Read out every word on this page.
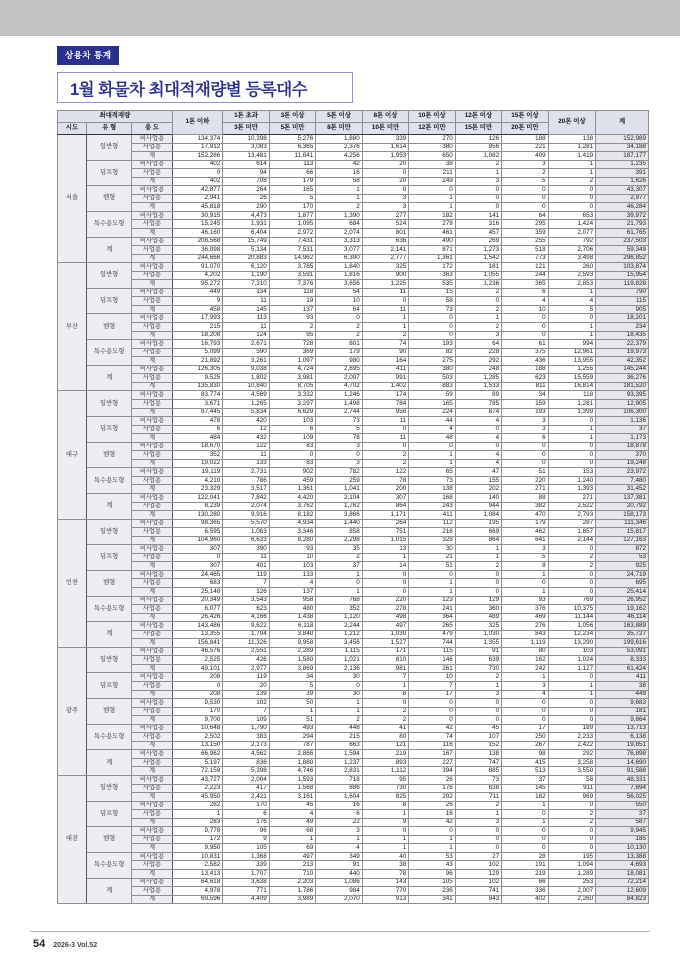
상용차 통계
1월 화물차 최대적재량별 등록대수
최대적재량			1톤 이하	1톤 초과	3톤 이상	5톤 이상	8톤 이상	10톤 이상	12톤 이상	15톤 이상	20톤 이상	계
시도	유 형	용 도		3톤 미만	5톤 미만	8톤 미만	10톤 미만	12톤 미만	15톤 미만	20톤 미만		
서울	일반형	비사업용	134,374	10,398	5,276	1,880	339	270	126	188	138	152,989
		사업용	17,912	3,083	6,365	2,376	1,614	380	956	221	1,281	34,188
		계	152,286	13,481	11,641	4,256	1,953	650	1,082	409	1,419	187,177
	덤프형	비사업용	402	614	113	42	20	38	2	3	1	1,235
		사업용	0	94	66	16	0	211	1	2	1	391
		계	402	708	179	58	20	249	3	5	2	1,626
	밴형	비사업용	42,877	264	165	1	0	0	0	0	0	43,307
		사업용	2,941	26	5	1	3	1	0	0	0	2,977
		계	45,818	290	170	2	3	1	0	0	0	46,284
	특수용도형	비사업용	30,915	4,473	1,877	1,390	277	182	141	64	653	39,972
		사업용	15,245	1,931	1,095	684	524	279	316	295	1,424	21,793
		계	46,160	6,404	2,972	2,074	801	461	457	359	2,077	61,765
	계	비사업용	208,568	15,749	7,431	3,313	636	490	269	255	792	237,503
		사업용	36,098	5,134	7,531	3,077	2,141	871	1,273	518	2,706	59,349
		계	244,666	20,883	14,962	6,390	2,777	1,361	1,542	773	3,498	296,852
부산	일반형	비사업용	91,070	6,120	3,785	1,840	325	172	181	121	260	103,874
		사업용	4,202	1,190	3,591	1,816	900	363	1,055	244	2,593	15,954
		계	95,272	7,310	7,376	3,656	1,225	535	1,236	365	2,853	119,828
	덤프형	비사업용	449	134	118	54	11	15	2	6	1	790
		사업용	9	11	19	10	0	58	0	4	4	115
		계	458	145	137	64	11	73	2	10	5	905
	밴형	비사업용	17,993	113	93	0	1	0	1	0	0	18,201
		사업용	215	11	2	2	1	0	2	0	1	234
		계	18,208	124	95	2	2	0	3	0	1	18,435
	특수용도형	비사업용	16,793	2,671	728	801	74	193	64	61	994	22,379
		사업용	5,099	590	369	179	90	82	228	375	12,961	19,973
		계	21,892	3,261	1,097	980	164	275	292	436	13,955	42,352
	계	비사업용	126,305	9,038	4,724	2,695	411	380	248	188	1,255	145,244
		사업용	9,525	1,802	3,981	2,007	991	503	1,285	623	15,559	36,276
		계	135,830	10,840	8,705	4,702	1,402	883	1,533	811	16,814	181,520
대구	일반형	비사업용	83,774	4,569	3,332	1,246	174	59	89	34	118	93,395
		사업용	3,671	1,265	3,297	1,498	784	165	785	159	1,281	12,905
		계	87,445	5,834	6,629	2,744	958	224	874	193	1,399	106,300
	덤프형	비사업용	478	420	103	73	11	44	4	3	0	1,136
		사업용	6	12	6	5	0	4	0	3	1	37
		계	484	432	109	78	11	48	4	6	1	1,173
	밴형	비사업용	18,670	122	83	3	0	0	0	0	0	18,878
		사업용	352	11	0	0	2	1	4	0	0	370
		계	19,022	133	83	3	2	1	4	0	0	19,248
	특수용도형	비사업용	19,119	2,731	902	782	122	65	47	51	153	23,972
		사업용	4,210	786	459	259	78	73	155	220	1,240	7,480
		계	23,329	3,517	1,361	1,041	200	138	202	271	1,393	31,452
	계	비사업용	122,041	7,842	4,420	2,104	307	168	140	88	271	137,381
		사업용	8,239	2,074	3,762	1,762	864	243	944	382	2,522	20,792
		계	130,280	9,916	8,182	3,866	1,171	411	1,084	470	2,793	158,173
인천	일반형	비사업용	98,365	5,570	4,934	1,440	264	112	195	179	287	111,346
		사업용	6,595	1,063	3,346	858	751	216	669	462	1,857	15,817
		계	104,960	6,633	8,280	2,298	1,015	328	864	641	2,144	127,163
	덤프형	비사업용	307	390	93	35	13	30	1	3	0	872
		사업용	0	11	10	2	1	21	1	5	2	53
		계	307	401	103	37	14	51	2	8	2	925
	밴형	비사업용	24,465	119	133	1	0	0	0	1	0	24,719
		사업용	683	7	4	0	0	1	0	0	0	695
		계	25,148	126	137	1	0	1	0	1	0	25,414
	특수용도형	비사업용	20,349	3,543	958	768	220	123	129	93	769	26,952
		사업용	6,077	623	480	352	278	241	360	376	10,375	19,162
		계	26,426	4,166	1,438	1,120	498	364	489	469	11,144	46,114
	계	비사업용	143,486	9,622	6,118	2,244	497	265	325	276	1,056	163,889
		사업용	13,355	1,704	3,840	1,212	1,030	479	1,030	843	12,234	35,727
		계	156,841	11,326	9,958	3,456	1,527	744	1,355	1,119	13,290	199,616
광주	일반형	비사업용	46,576	2,551	2,289	1,115	171	115	91	80	103	53,091
		사업용	2,525	426	1,580	1,021	810	146	639	162	1,024	8,333
		계	49,101	2,977	3,869	2,136	981	261	730	242	1,127	61,424
	덤프형	비사업용	208	119	34	30	7	10	2	1	0	411
		사업용	0	20	5	0	1	7	1	3	1	38
		계	208	139	39	30	8	17	3	4	1	449
	밴형	비사업용	9,530	102	50	1	0	0	0	0	0	9,683
		사업용	170	7	1	1	2	0	0	0	0	181
		계	9,700	109	51	2	2	0	0	0	0	9,864
	특수용도형	비사업용	10,648	1,790	493	448	41	42	45	17	189	13,713
		사업용	2,502	383	294	215	80	74	107	250	2,233	6,138
		계	13,150	2,173	787	663	121	116	152	267	2,422	19,851
	계	비사업용	66,962	4,562	2,866	1,594	219	167	138	98	292	76,898
		사업용	5,197	836	1,880	1,237	893	227	747	415	3,258	14,690
		계	72,159	5,398	4,746	2,831	1,112	394	885	513	3,550	91,588
대전	일반형	비사업용	43,727	2,004	1,593	718	95	26	73	37	58	48,331
		사업용	2,223	417	1,568	886	730	176	638	145	911	7,694
		계	45,950	2,421	3,161	1,604	825	202	711	182	969	56,025
	덤프형	비사업용	282	170	45	16	8	26	2	1	0	550
		사업용	1	6	4	6	1	16	1	0	2	37
		계	283	176	49	22	9	42	3	1	2	587
	밴형	비사업용	9,778	96	68	3	0	0	0	0	0	9,945
		사업용	172	9	1	1	1	1	0	0	0	185
		계	9,950	105	69	4	1	1	0	0	0	10,130
	특수용도형	비사업용	10,831	1,368	497	349	40	53	27	28	195	13,388
		사업용	2,582	339	213	91	38	43	102	191	1,094	4,693
		계	13,413	1,707	710	440	78	96	129	219	1,289	18,081
	계	비사업용	64,618	3,638	2,203	1,086	143	105	102	66	253	72,214
		사업용	4,978	771	1,786	984	770	236	741	336	2,007	12,609
		계	69,596	4,409	3,989	2,070	913	341	843	402	2,260	84,823
54 2026-3 Vol.52
